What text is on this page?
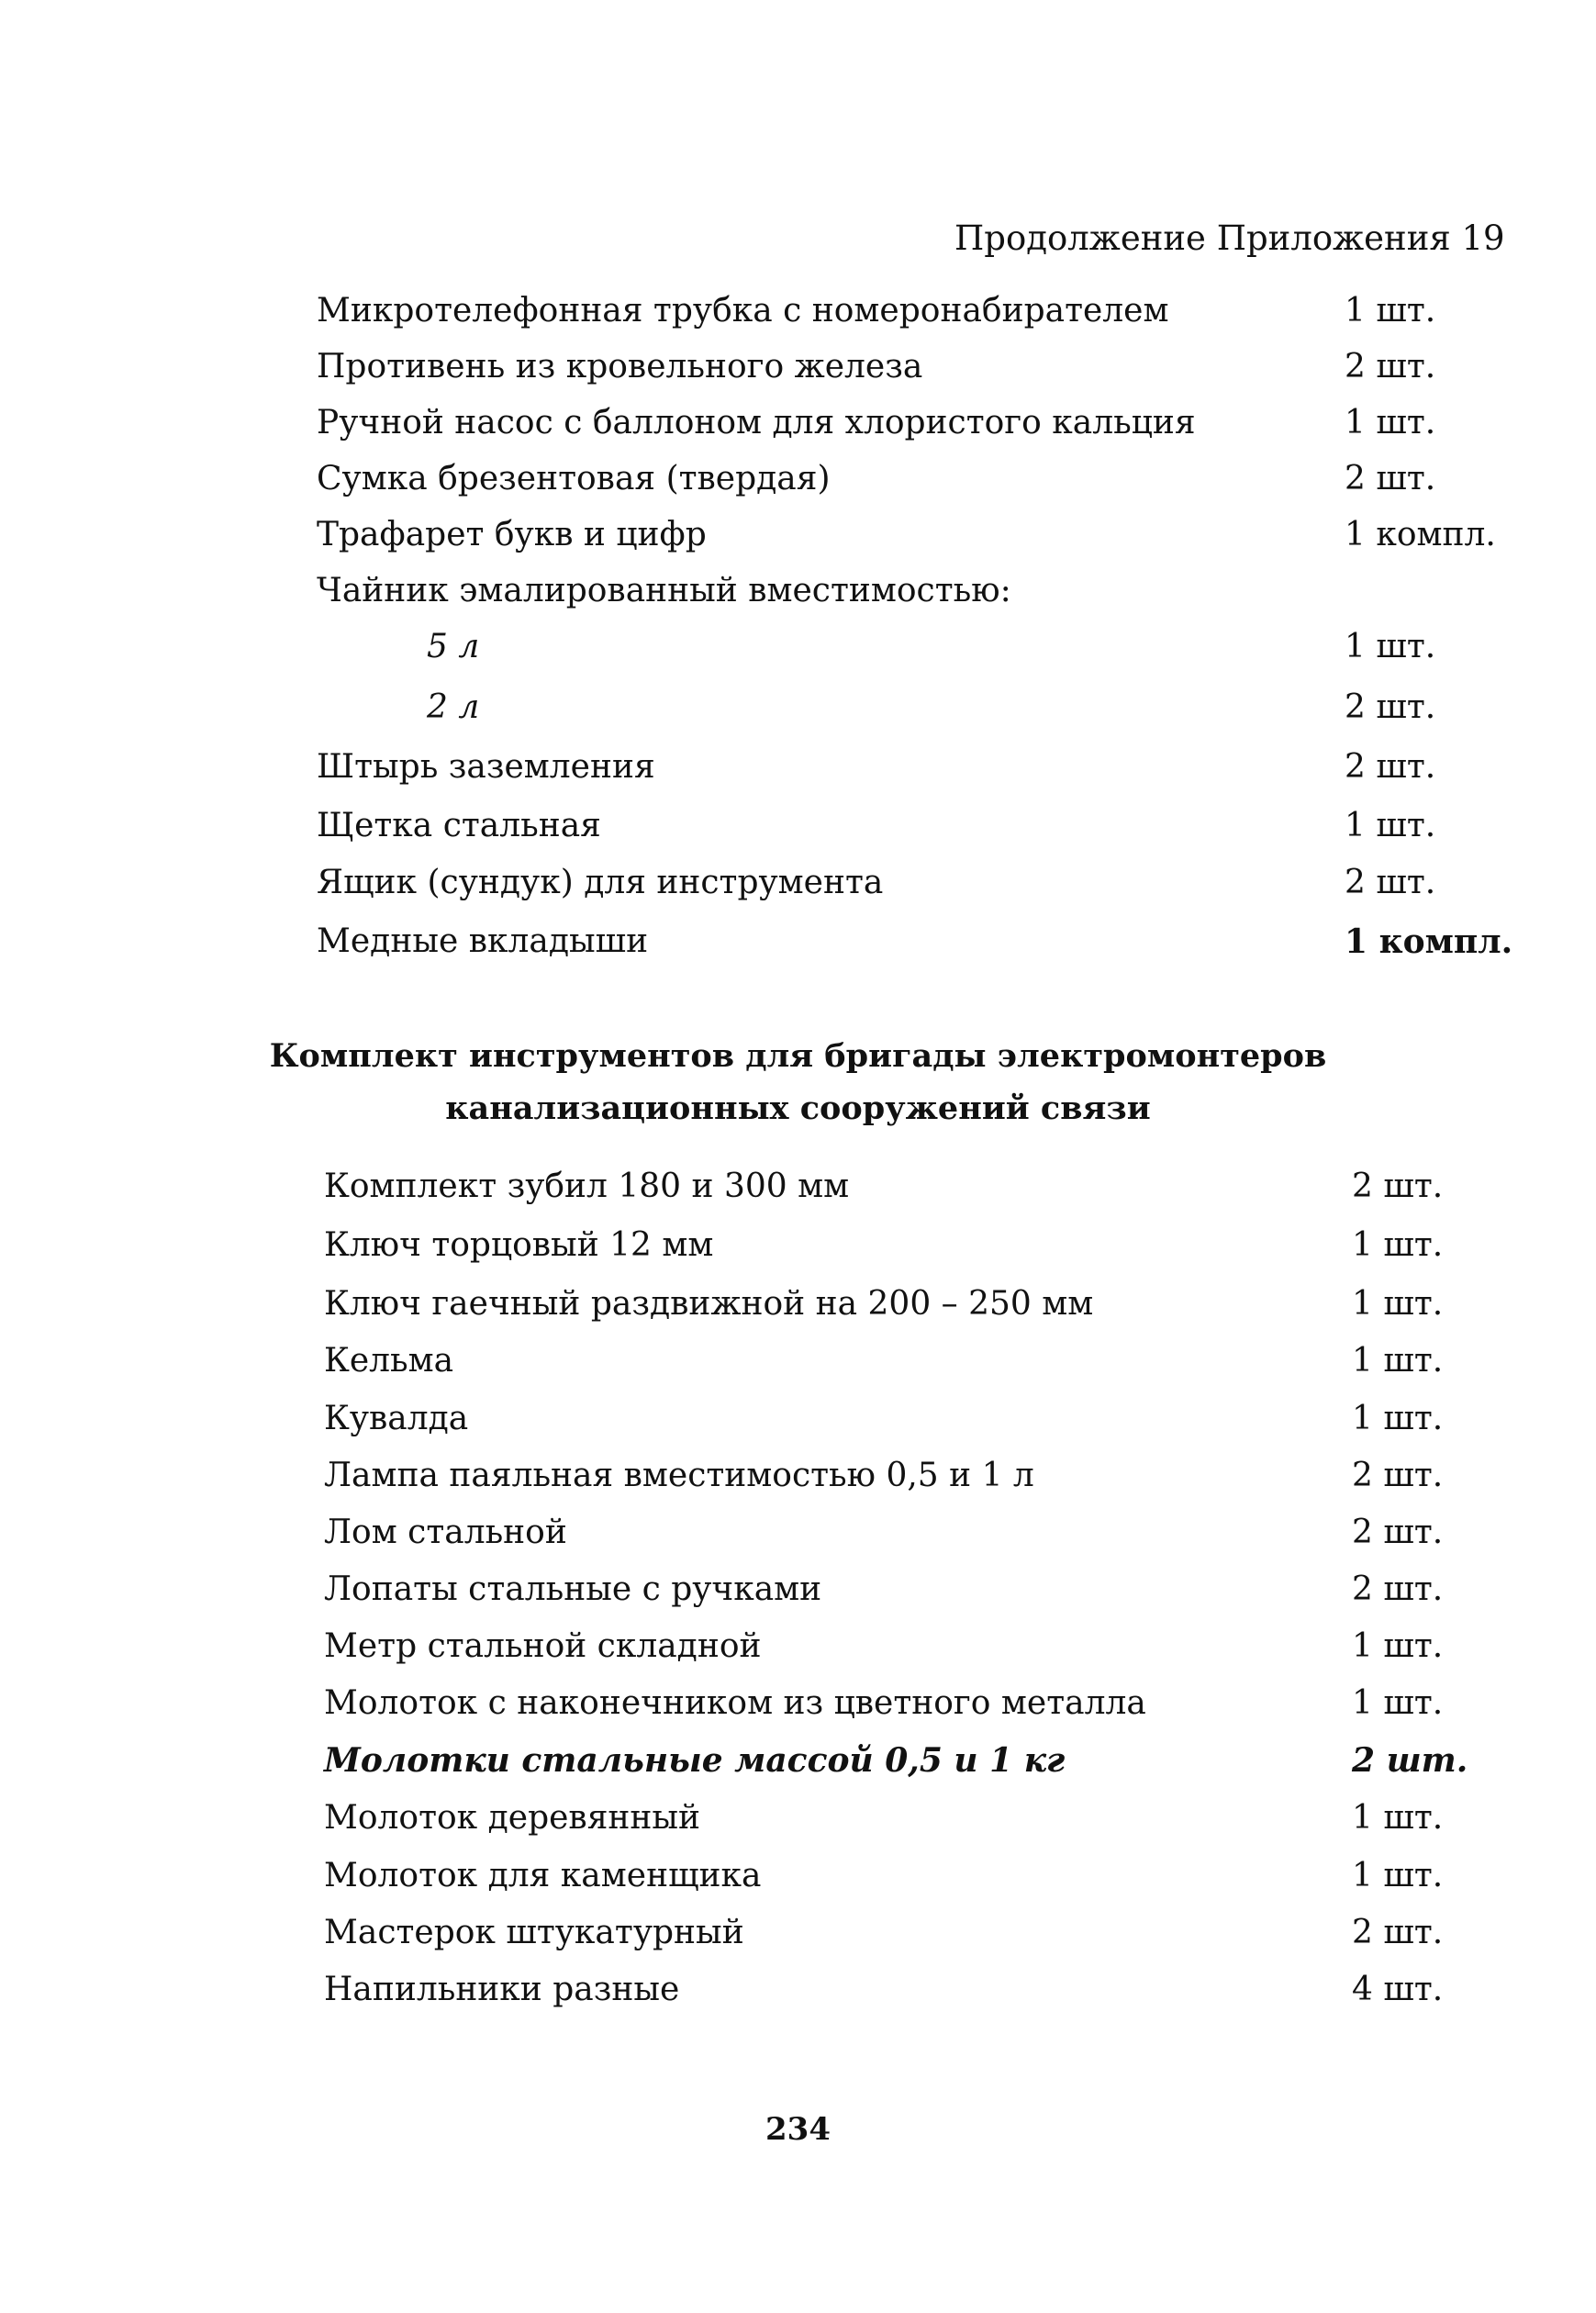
Продолжение Приложения 19
Микротелефонная трубка с номеронабирателем	1 шт.
Противень из кровельного железа	2 шт.
Ручной насос с баллоном для хлористого кальция	1 шт.
Сумка брезентовая (твердая)	2 шт.
Трафарет букв и цифр	1 компл.
Чайник эмалированный вместимостью:
5 л	1 шт.
2 л	2 шт.
Штырь заземления	2 шт.
Щетка стальная	1 шт.
Ящик (сундук) для инструмента	2 шт.
Медные вкладыши	1 компл.
Комплект инструментов для бригады электромонтеров
канализационных сооружений связи
Комплект зубил 180 и 300 мм	2 шт.
Ключ торцовый 12 мм	1 шт.
Ключ гаечный раздвижной на 200 – 250 мм	1 шт.
Кельма	1 шт.
Кувалда	1 шт.
Лампа паяльная вместимостью 0,5 и 1 л	2 шт.
Лом стальной	2 шт.
Лопаты стальные с ручками	2 шт.
Метр стальной складной	1 шт.
Молоток с наконечником из цветного металла	1 шт.
Молотки стальные массой 0,5 и 1 кг	2 шт.
Молоток деревянный	1 шт.
Молоток для каменщика	1 шт.
Мастерок штукатурный	2 шт.
Напильники разные	4 шт.
234
